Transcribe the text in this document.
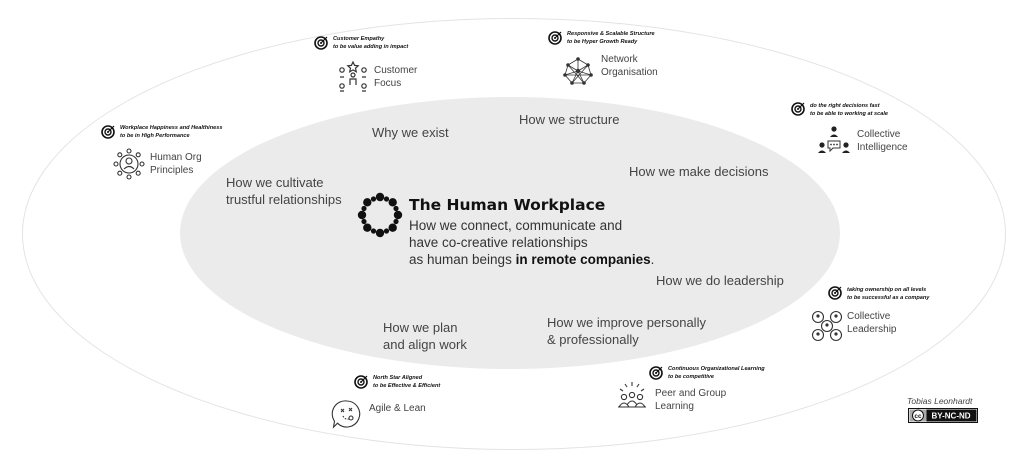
The Human Workplace
How we connect, communicate and
have co-creative relationships
as human beings in remote companies.
Why we exist
How we structure
How we make decisions
How we cultivate
trustful relationships
How we do leadership
How we plan
and align work
How we improve personally
& professionally
Customer Empathy
to be value adding in impact
Customer
Focus
Responsive & Scalable Structure
to be Hyper Growth Ready
Network
Organisation
Workplace Happiness and Healthiness
to be in High Performance
Human Org
Principles
do the right decisions fast
to be able to working at scale
Collective
Intelligence
taking ownership on all levels
to be successful as a company
Collective
Leadership
North Star Aligned
to be Effective & Efficient
Agile & Lean
Continuous Organizational Learning
to be competitive
Peer and Group
Learning	Tobias Leonhardt
cc BY-NC-ND
